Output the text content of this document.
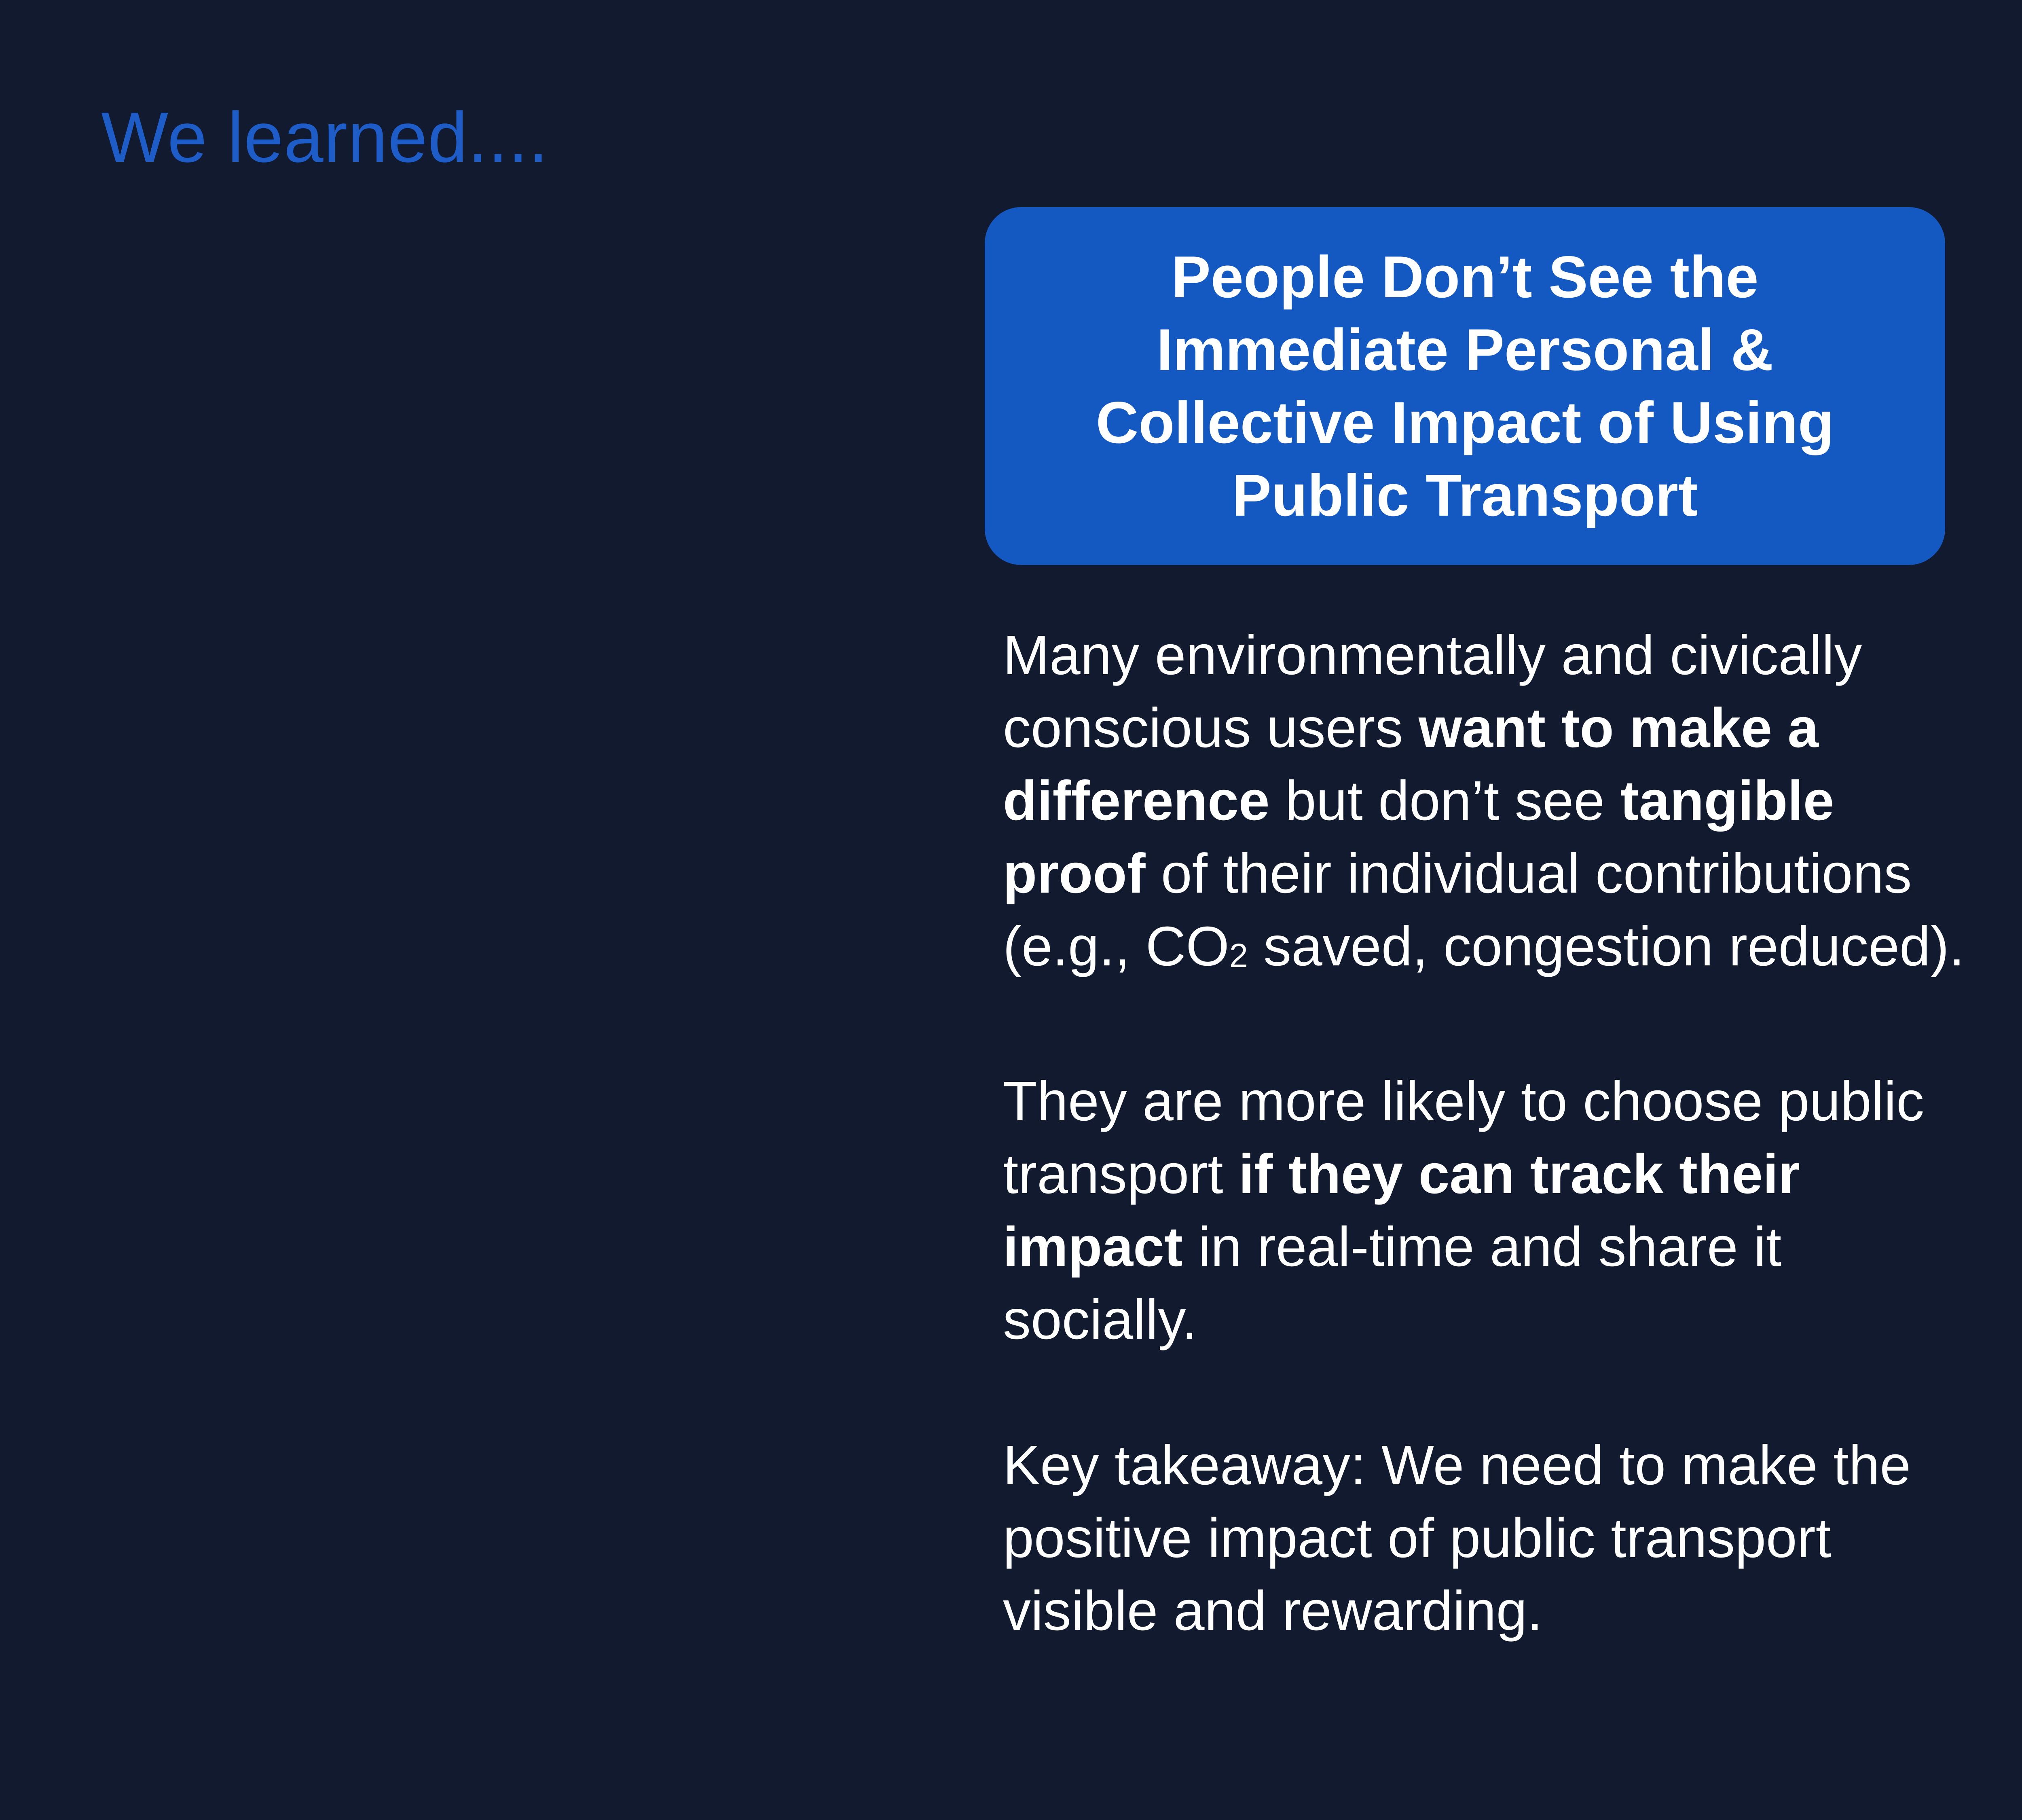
We learned....
People Don’t See the Immediate Personal & Collective Impact of Using Public Transport

Many environmentally and civically conscious users want to make a difference but don’t see tangible proof of their individual contributions (e.g., CO2 saved, congestion reduced).

They are more likely to choose public transport if they can track their impact in real-time and share it socially.

Key takeaway: We need to make the positive impact of public transport visible and rewarding.
